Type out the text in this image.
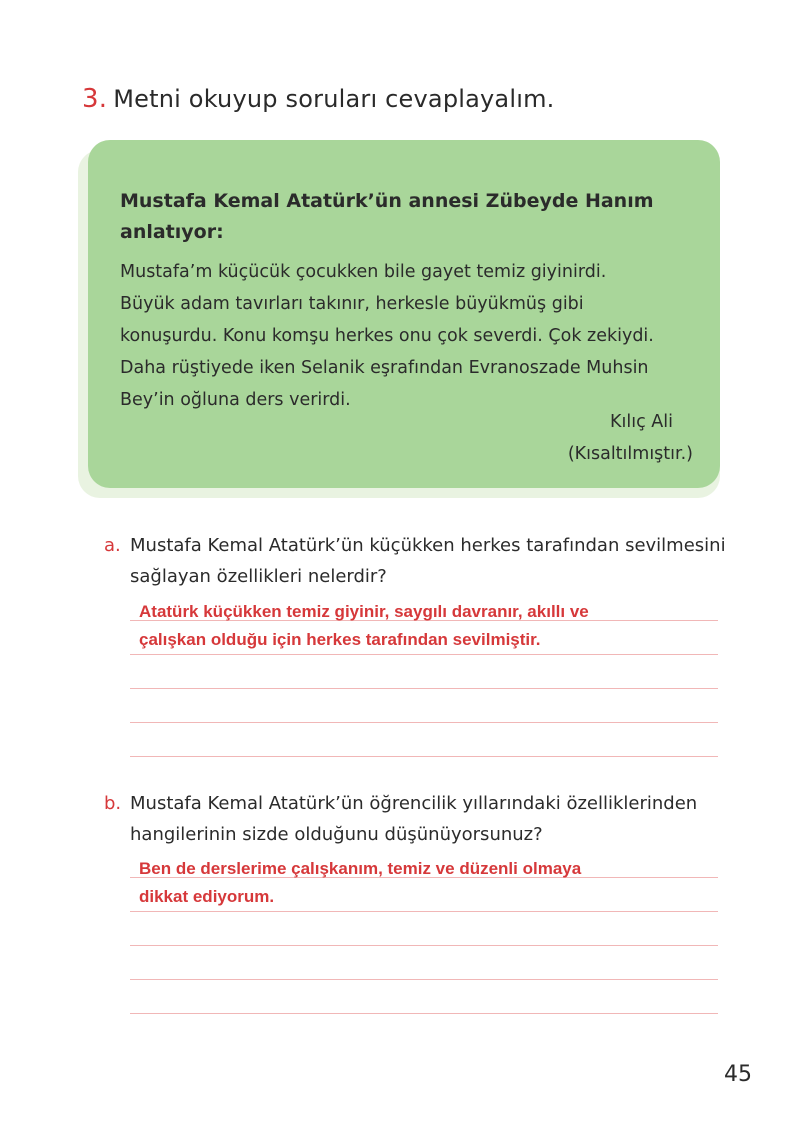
3. Metni okuyup soruları cevaplayalım.
Mustafa Kemal Atatürk’ün annesi Zübeyde Hanım
anlatıyor:
Mustafa’m küçücük çocukken bile gayet temiz giyinirdi.
Büyük adam tavırları takınır, herkesle büyükmüş gibi
konuşurdu. Konu komşu herkes onu çok severdi. Çok zekiydi.
Daha rüştiyede iken Selanik eşrafından Evranoszade Muhsin
Bey’in oğluna ders verirdi.
Kılıç Ali
(Kısaltılmıştır.)
a. Mustafa Kemal Atatürk’ün küçükken herkes tarafından sevilmesini
sağlayan özellikleri nelerdir?
Atatürk küçükken temiz giyinir, saygılı davranır, akıllı ve
çalışkan olduğu için herkes tarafından sevilmiştir.
b. Mustafa Kemal Atatürk’ün öğrencilik yıllarındaki özelliklerinden
hangilerinin sizde olduğunu düşünüyorsunuz?
Ben de derslerime çalışkanım, temiz ve düzenli olmaya
dikkat ediyorum.
45
